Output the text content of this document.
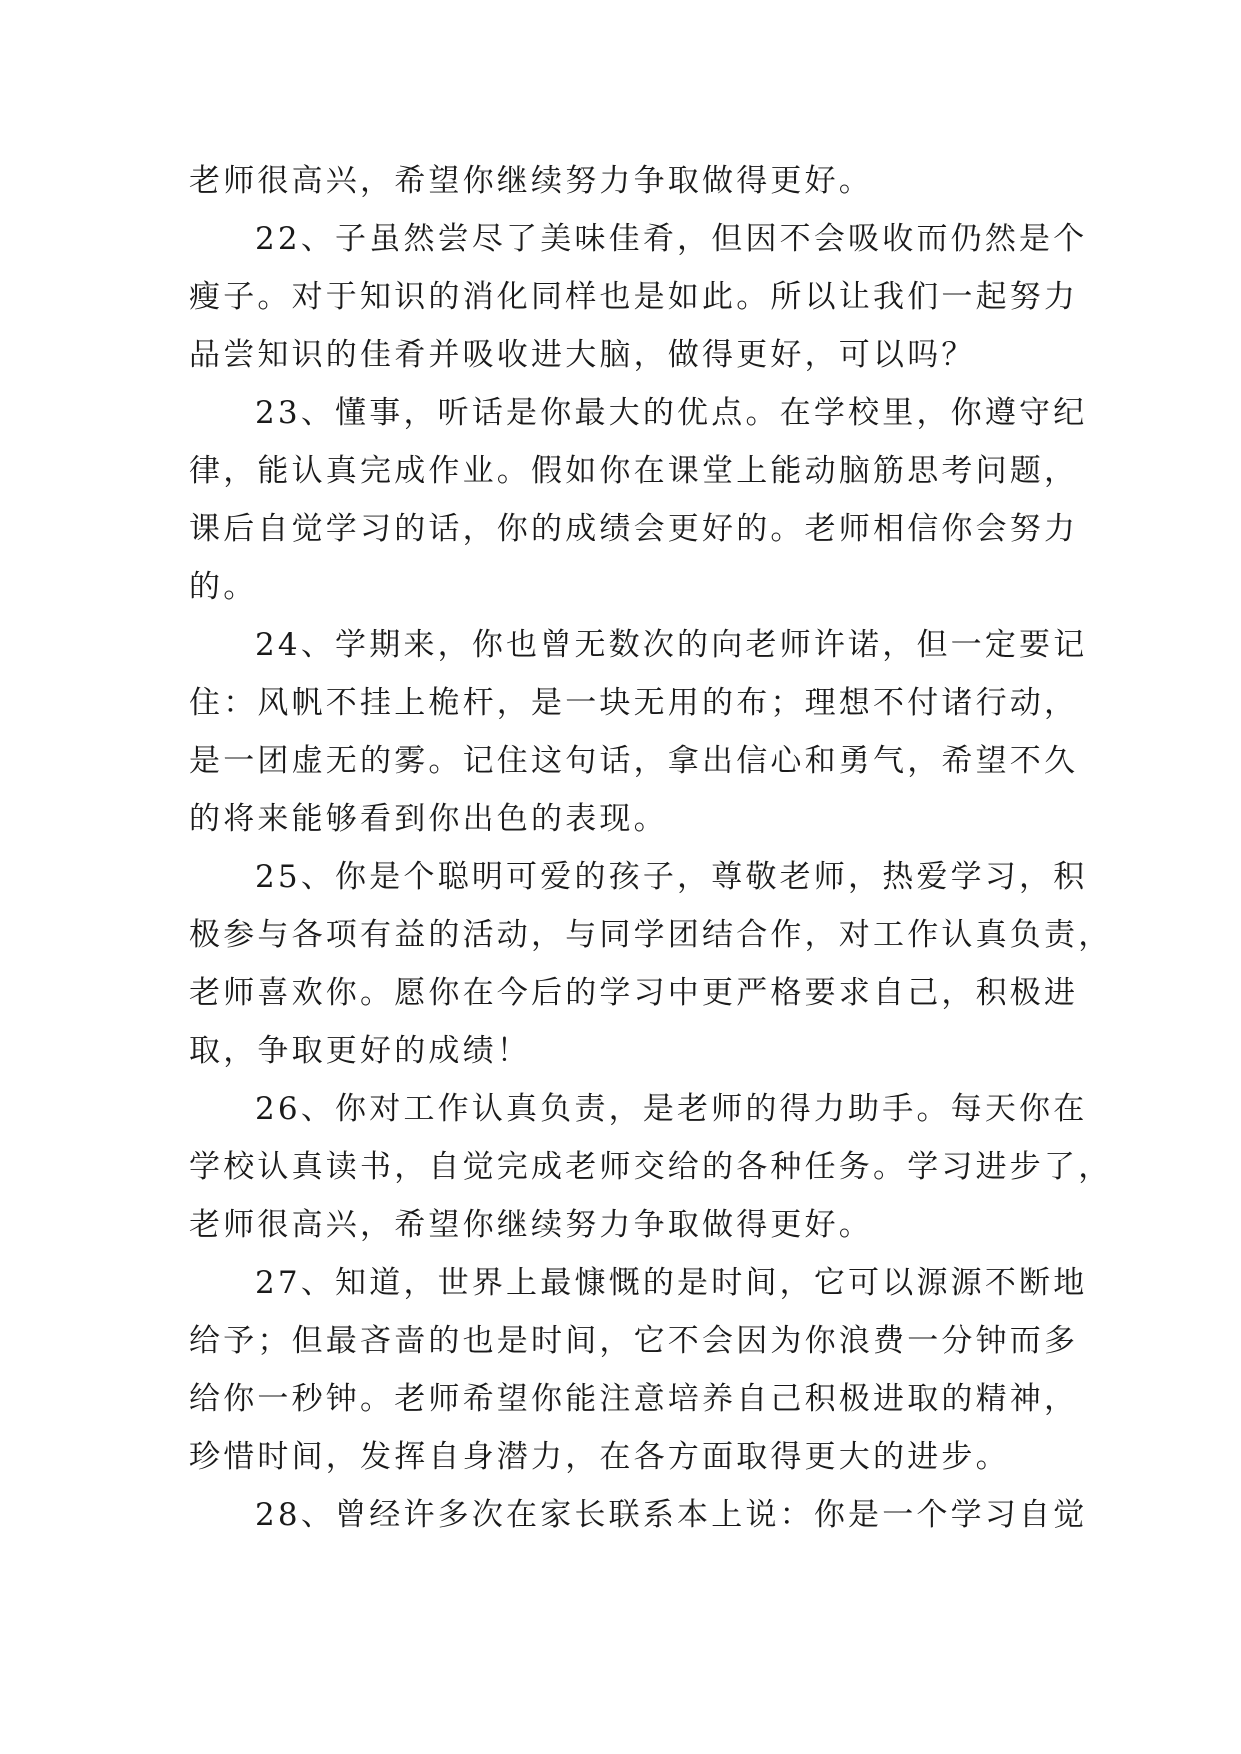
老师很高兴，希望你继续努力争取做得更好。
22、子虽然尝尽了美味佳肴，但因不会吸收而仍然是个
瘦子。对于知识的消化同样也是如此。所以让我们一起努力
品尝知识的佳肴并吸收进大脑，做得更好，可以吗？
23、懂事，听话是你最大的优点。在学校里，你遵守纪
律，能认真完成作业。假如你在课堂上能动脑筋思考问题，
课后自觉学习的话，你的成绩会更好的。老师相信你会努力
的。
24、学期来，你也曾无数次的向老师许诺，但一定要记
住：风帆不挂上桅杆，是一块无用的布；理想不付诸行动，
是一团虚无的雾。记住这句话，拿出信心和勇气，希望不久
的将来能够看到你出色的表现。
25、你是个聪明可爱的孩子，尊敬老师，热爱学习，积
极参与各项有益的活动，与同学团结合作，对工作认真负责，
老师喜欢你。愿你在今后的学习中更严格要求自己，积极进
取，争取更好的成绩！
26、你对工作认真负责，是老师的得力助手。每天你在
学校认真读书，自觉完成老师交给的各种任务。学习进步了，
老师很高兴，希望你继续努力争取做得更好。
27、知道，世界上最慷慨的是时间，它可以源源不断地
给予；但最吝啬的也是时间，它不会因为你浪费一分钟而多
给你一秒钟。老师希望你能注意培养自己积极进取的精神，
珍惜时间，发挥自身潜力，在各方面取得更大的进步。
28、曾经许多次在家长联系本上说：你是一个学习自觉
